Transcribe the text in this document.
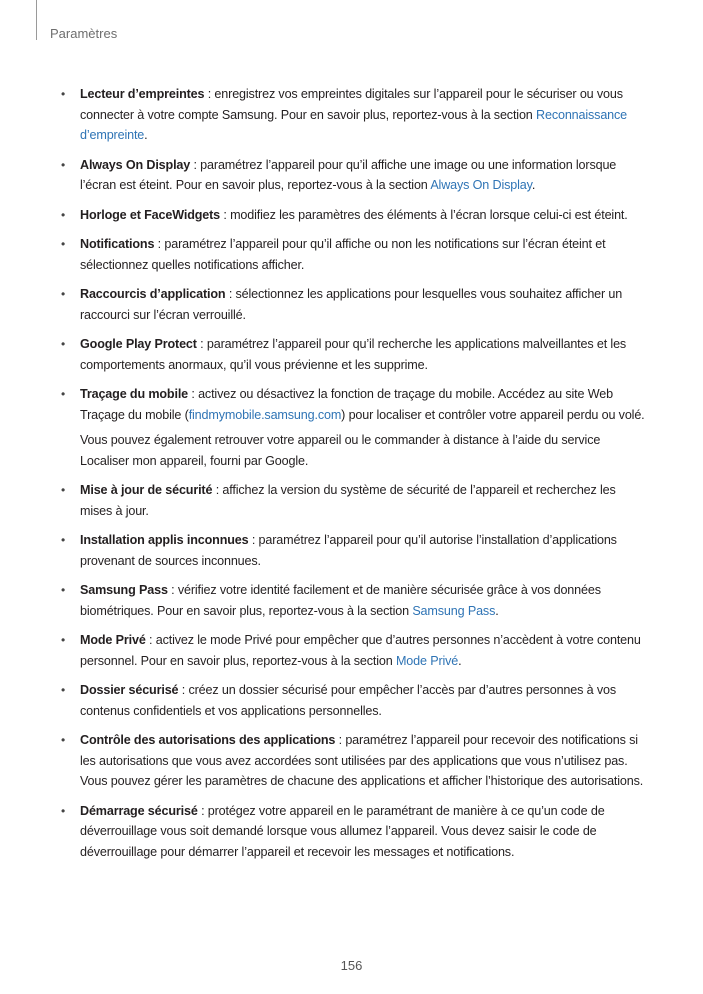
Paramètres
• Lecteur d’empreintes : enregistrez vos empreintes digitales sur l’appareil pour le sécuriser ou vous connecter à votre compte Samsung. Pour en savoir plus, reportez-vous à la section Reconnaissance d’empreinte.

• Always On Display : paramétrez l’appareil pour qu’il affiche une image ou une information lorsque l’écran est éteint. Pour en savoir plus, reportez-vous à la section Always On Display.

• Horloge et FaceWidgets : modifiez les paramètres des éléments à l’écran lorsque celui-ci est éteint.

• Notifications : paramétrez l’appareil pour qu’il affiche ou non les notifications sur l’écran éteint et sélectionnez quelles notifications afficher.

• Raccourcis d’application : sélectionnez les applications pour lesquelles vous souhaitez afficher un raccourci sur l’écran verrouillé.

• Google Play Protect : paramétrez l’appareil pour qu’il recherche les applications malveillantes et les comportements anormaux, qu’il vous prévienne et les supprime.

• Traçage du mobile : activez ou désactivez la fonction de traçage du mobile. Accédez au site Web Traçage du mobile (findmymobile.samsung.com) pour localiser et contrôler votre appareil perdu ou volé.

Vous pouvez également retrouver votre appareil ou le commander à distance à l’aide du service Localiser mon appareil, fourni par Google.

• Mise à jour de sécurité : affichez la version du système de sécurité de l’appareil et recherchez les mises à jour.

• Installation applis inconnues : paramétrez l’appareil pour qu’il autorise l’installation d’applications provenant de sources inconnues.

• Samsung Pass : vérifiez votre identité facilement et de manière sécurisée grâce à vos données biométriques. Pour en savoir plus, reportez-vous à la section Samsung Pass.

• Mode Privé : activez le mode Privé pour empêcher que d’autres personnes n’accèdent à votre contenu personnel. Pour en savoir plus, reportez-vous à la section Mode Privé.

• Dossier sécurisé : créez un dossier sécurisé pour empêcher l’accès par d’autres personnes à vos contenus confidentiels et vos applications personnelles.

• Contrôle des autorisations des applications : paramétrez l’appareil pour recevoir des notifications si les autorisations que vous avez accordées sont utilisées par des applications que vous n’utilisez pas. Vous pouvez gérer les paramètres de chacune des applications et afficher l’historique des autorisations.

• Démarrage sécurisé : protégez votre appareil en le paramétrant de manière à ce qu’un code de déverrouillage vous soit demandé lorsque vous allumez l’appareil. Vous devez saisir le code de déverrouillage pour démarrer l’appareil et recevoir les messages et notifications.

156
